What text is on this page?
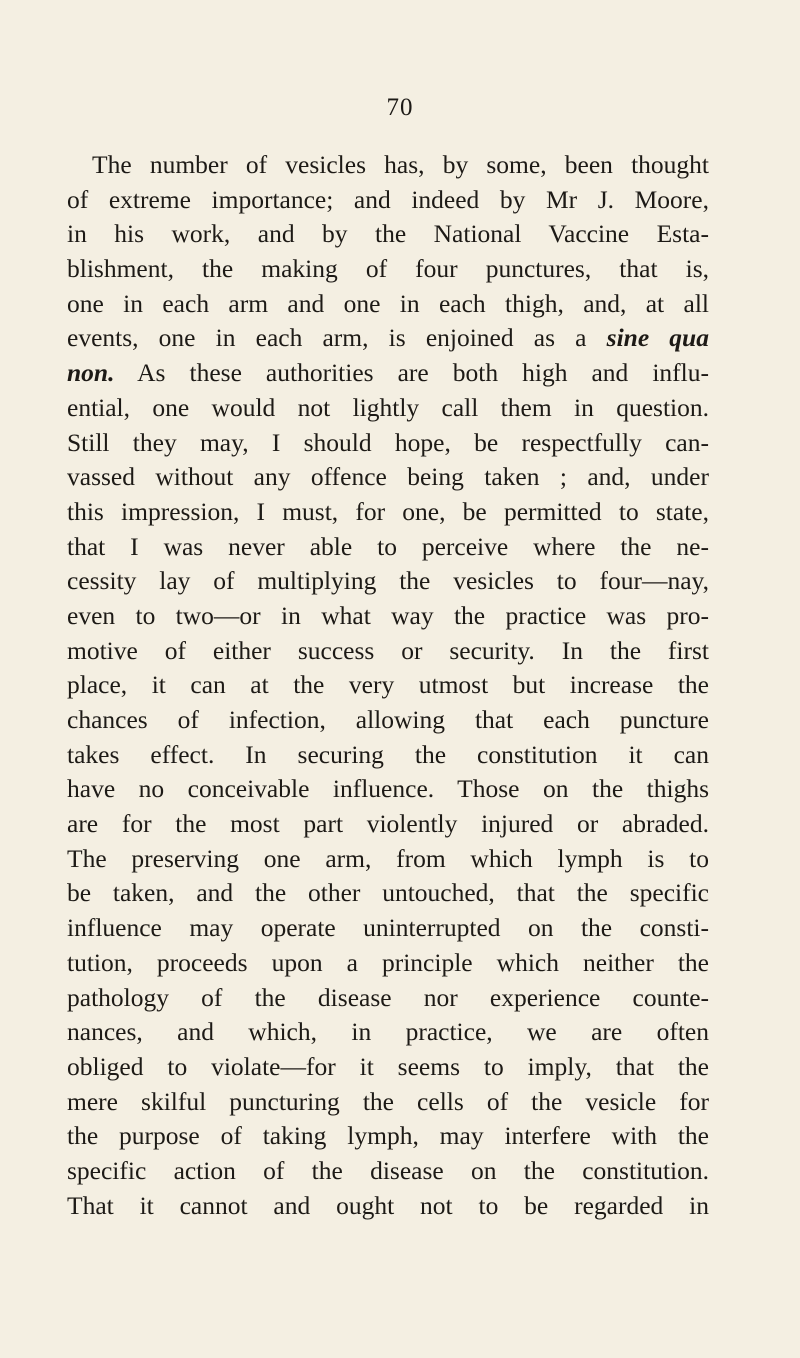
70
The number of vesicles has, by some, been thought
of extreme importance; and indeed by Mr J. Moore,
in his work, and by the National Vaccine Esta-
blishment, the making of four punctures, that is,
one in each arm and one in each thigh, and, at all
events, one in each arm, is enjoined as a sine qua
non. As these authorities are both high and influ-
ential, one would not lightly call them in question.
Still they may, I should hope, be respectfully can-
vassed without any offence being taken ; and, under
this impression, I must, for one, be permitted to state,
that I was never able to perceive where the ne-
cessity lay of multiplying the vesicles to four—nay,
even to two—or in what way the practice was pro-
motive of either success or security. In the first
place, it can at the very utmost but increase the
chances of infection, allowing that each puncture
takes effect. In securing the constitution it can
have no conceivable influence. Those on the thighs
are for the most part violently injured or abraded.
The preserving one arm, from which lymph is to
be taken, and the other untouched, that the specific
influence may operate uninterrupted on the consti-
tution, proceeds upon a principle which neither the
pathology of the disease nor experience counte-
nances, and which, in practice, we are often
obliged to violate—for it seems to imply, that the
mere skilful puncturing the cells of the vesicle for
the purpose of taking lymph, may interfere with the
specific action of the disease on the constitution.
That it cannot and ought not to be regarded in
